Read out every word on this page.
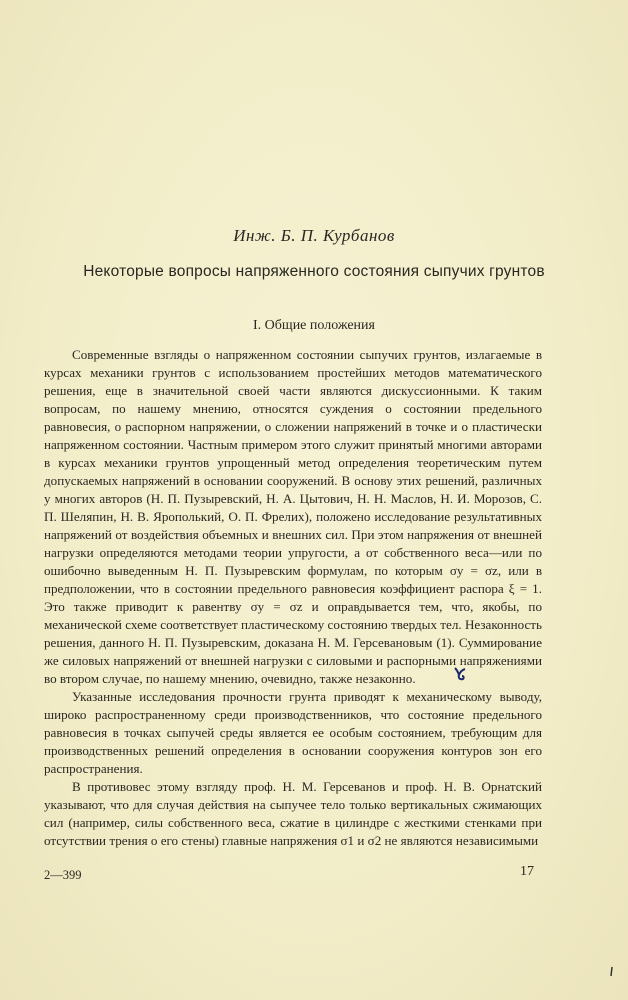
Инж. Б. П. Курбанов
Некоторые вопросы напряженного состояния сыпучих грунтов
I. Общие положения

Современные взгляды о напряженном состоянии сыпучих грунтов, излагаемые в курсах механики грунтов с использованием простейших методов математического решения, еще в значительной своей части являются дискуссионными. К таким вопросам, по нашему мнению, относятся суждения о состоянии предельного равновесия, о распорном напряжении, о сложении напряжений в точке и о пластически напряженном состоянии. Частным примером этого служит принятый многими авторами в курсах механики грунтов упрощенный метод определения теоретическим путем допускаемых напряжений в основании сооружений. В основу этих решений, различных у многих авторов (Н. П. Пузыревский, Н. А. Цытович, Н. Н. Маслов, Н. И. Морозов, С. П. Шеляпин, Н. В. Ярополький, О. П. Фрелих), положено исследование результативных напряжений от воздействия объемных и внешних сил. При этом напряжения от внешней нагрузки определяются методами теории упругости, а от собственного веса—или по ошибочно выведенным Н. П. Пузыревским формулам, по которым σy = σz, или в предположении, что в состоянии предельного равновесия коэффициент распора ξ = 1. Это также приводит к равентву σy = σz и оправдывается тем, что, якобы, по механической схеме соответствует пластическому состоянию твердых тел. Незаконность решения, данного Н. П. Пузыревским, доказана Н. М. Герсевановым (1). Суммирование же силовых напряжений от внешней нагрузки с силовыми и распорными напряжениями во втором случае, по нашему мнению, очевидно, также незаконно.

Указанные исследования прочности грунта приводят к механическому выводу, широко распространенному среди производственников, что состояние предельного равновесия в точках сыпучей среды является ее особым состоянием, требующим для производственных решений определения в основании сооружения контуров зон его распространения.

В противовес этому взгляду проф. Н. М. Герсеванов и проф. Н. В. Орнатский указывают, что для случая действия на сыпучее тело только вертикальных сжимающих сил (например, силы собственного веса, сжатие в цилиндре с жесткими стенками при отсутствии трения о его стены) главные напряжения σ1 и σ2 не являются независимыми

2—399	17
